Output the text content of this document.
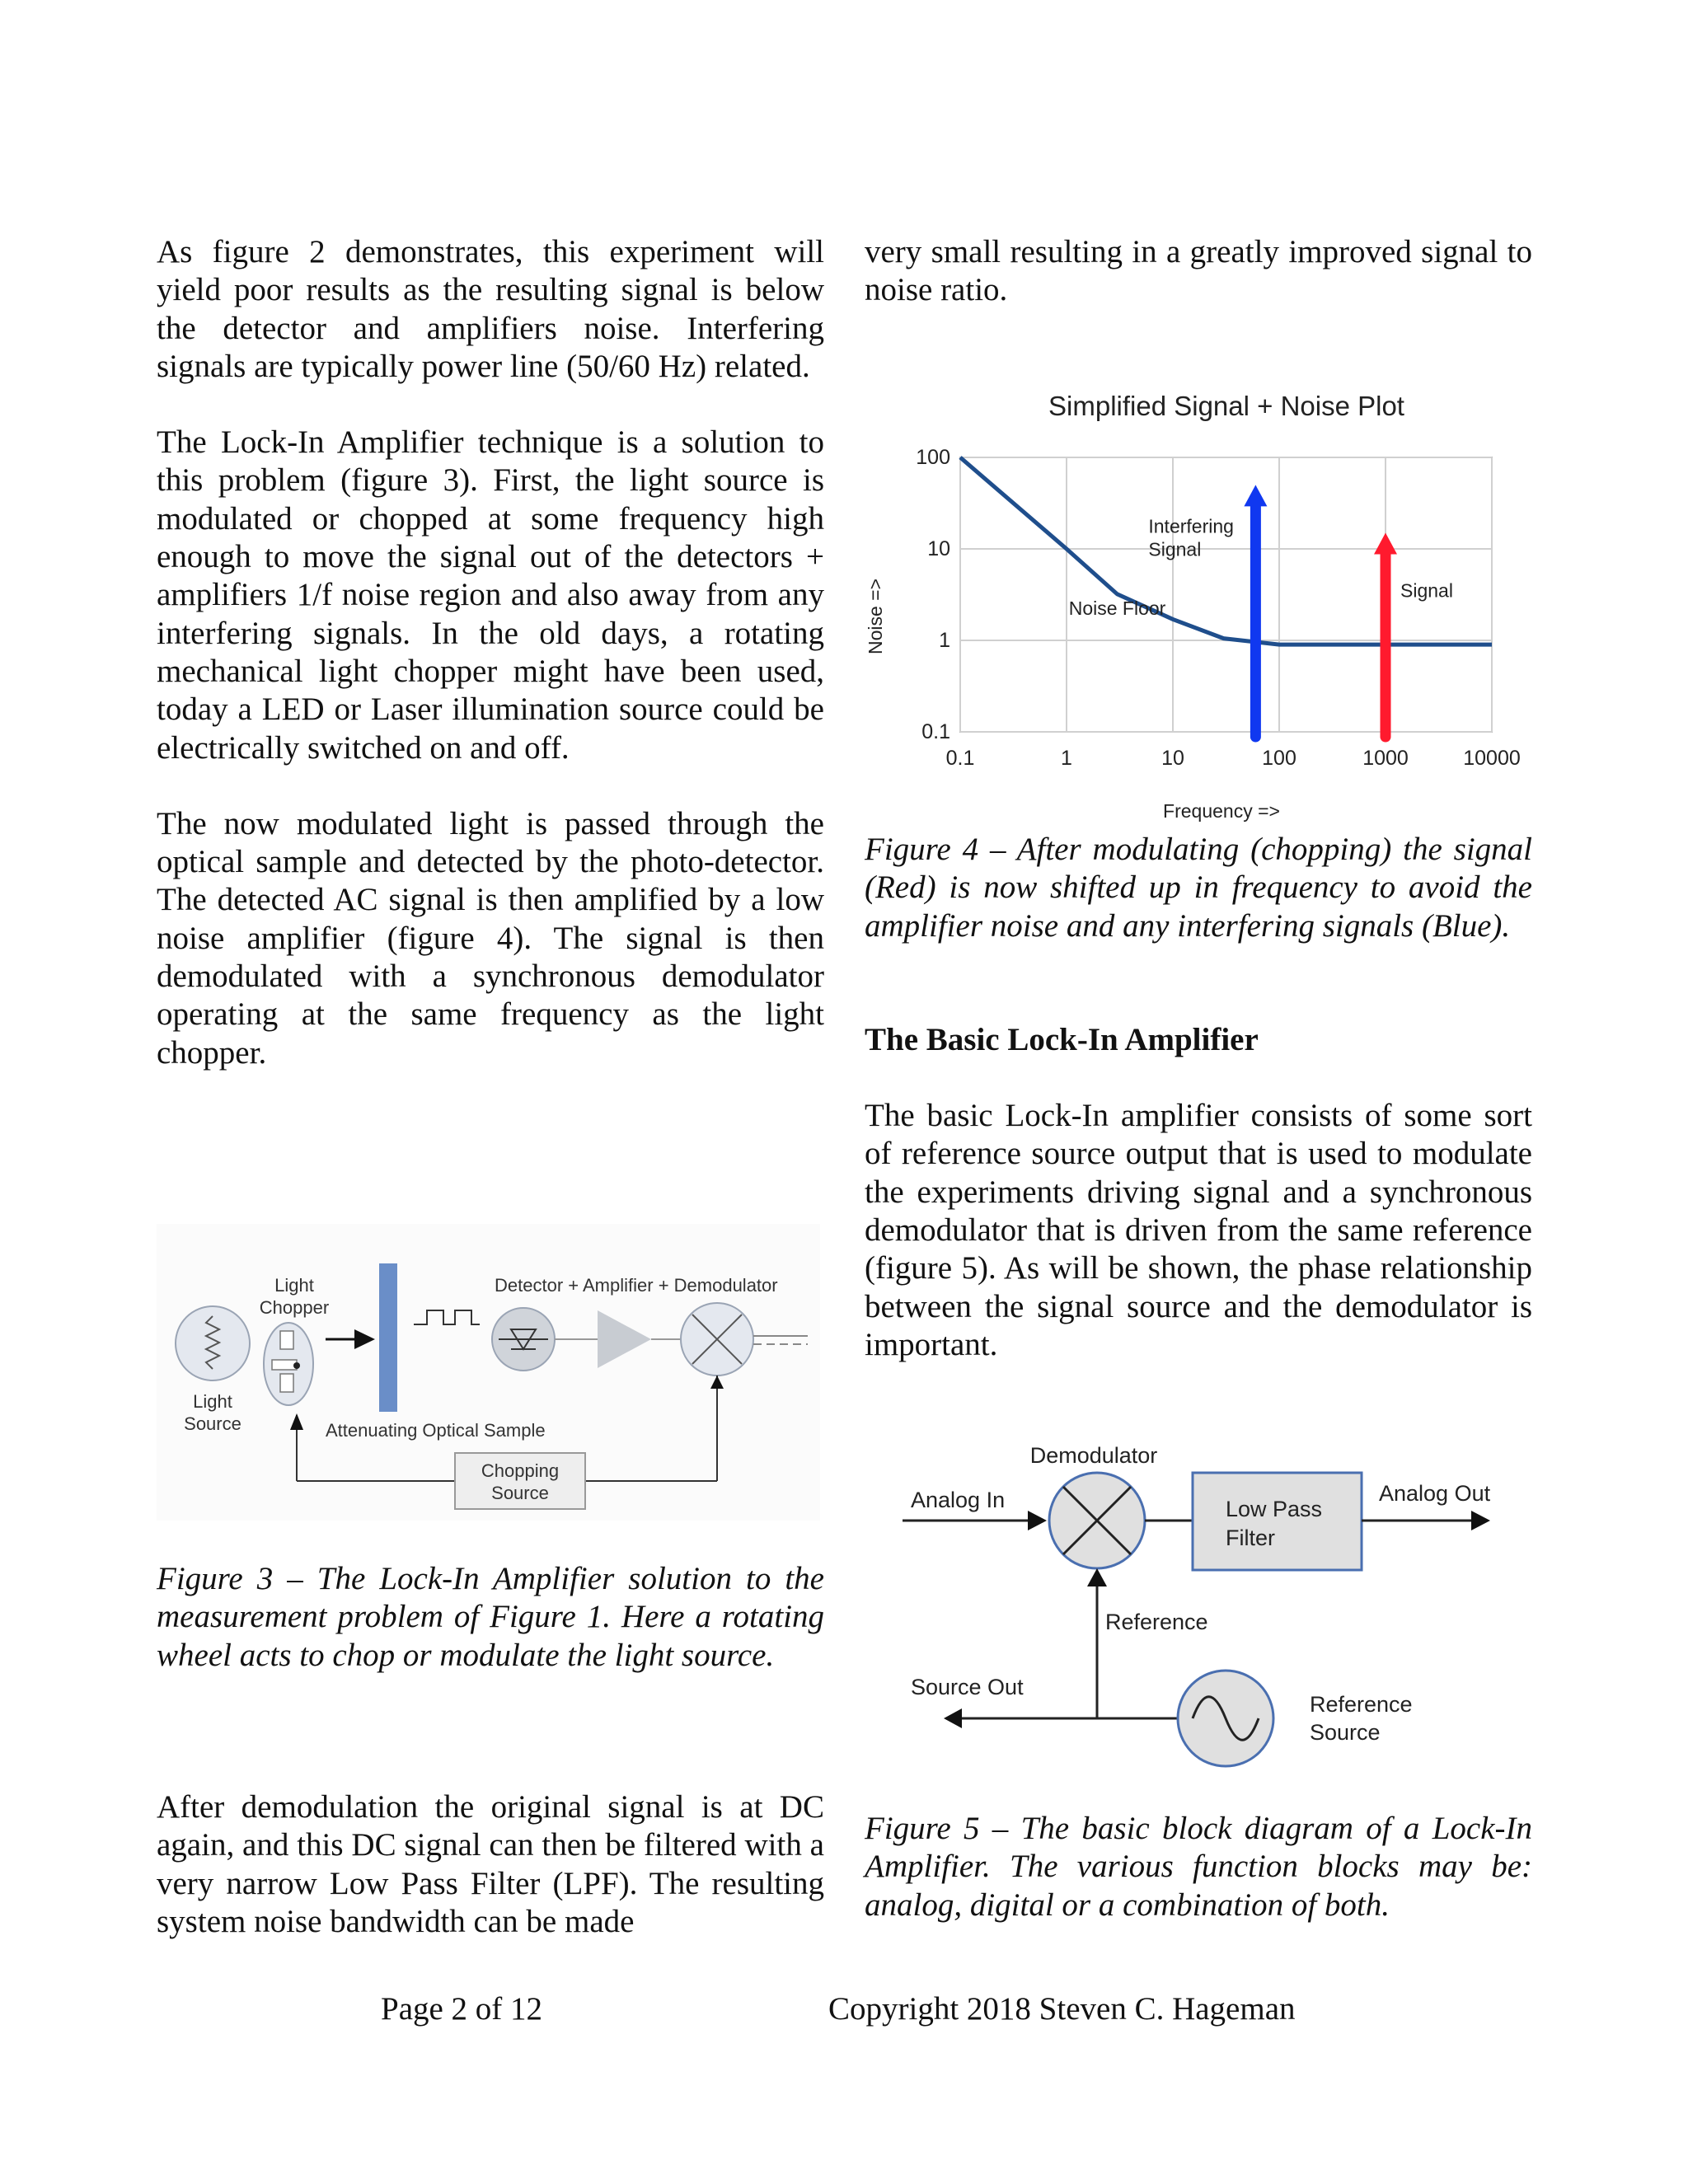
As figure 2 demonstrates, this experiment will yield poor results as the resulting signal is below the detector and amplifiers noise. Interfering signals are typically power line (50/60 Hz) related.

The Lock-In Amplifier technique is a solution to this problem (figure 3). First, the light source is modulated or chopped at some frequency high enough to move the signal out of the detectors + amplifiers 1/f noise region and also away from any interfering signals. In the old days, a rotating mechanical light chopper might have been used, today a LED or Laser illumination source could be electrically switched on and off.

The now modulated light is passed through the optical sample and detected by the photo-detector. The detected AC signal is then amplified by a low noise amplifier (figure 4). The signal is then demodulated with a synchronous demodulator operating at the same frequency as the light chopper.

Light Chopper
Light Source
Detector + Amplifier + Demodulator
Attenuating Optical Sample
Chopping Source

Figure 3 – The Lock-In Amplifier solution to the measurement problem of Figure 1. Here a rotating wheel acts to chop or modulate the light source.

After demodulation the original signal is at DC again, and this DC signal can then be filtered with a very narrow Low Pass Filter (LPF). The resulting system noise bandwidth can be made

very small resulting in a greatly improved signal to noise ratio.

Simplified Signal + Noise Plot
Noise Floor
Interfering Signal
Signal
0.1	1	10	100	1000	10000
0.1
1
10
100
Noise =>
Frequency =>

Figure 4 – After modulating (chopping) the signal (Red) is now shifted up in frequency to avoid the amplifier noise and any interfering signals (Blue).

The Basic Lock-In Amplifier

The basic Lock-In amplifier consists of some sort of reference source output that is used to modulate the experiments driving signal and a synchronous demodulator that is driven from the same reference (figure 5). As will be shown, the phase relationship between the signal source and the demodulator is important.

Demodulator
Analog In	Low Pass Filter
Analog Out
Reference
Source Out
Reference Source

Figure 5 – The basic block diagram of a Lock-In Amplifier. The various function blocks may be: analog, digital or a combination of both.

Page 2 of 12	Copyright 2018 Steven C. Hageman
